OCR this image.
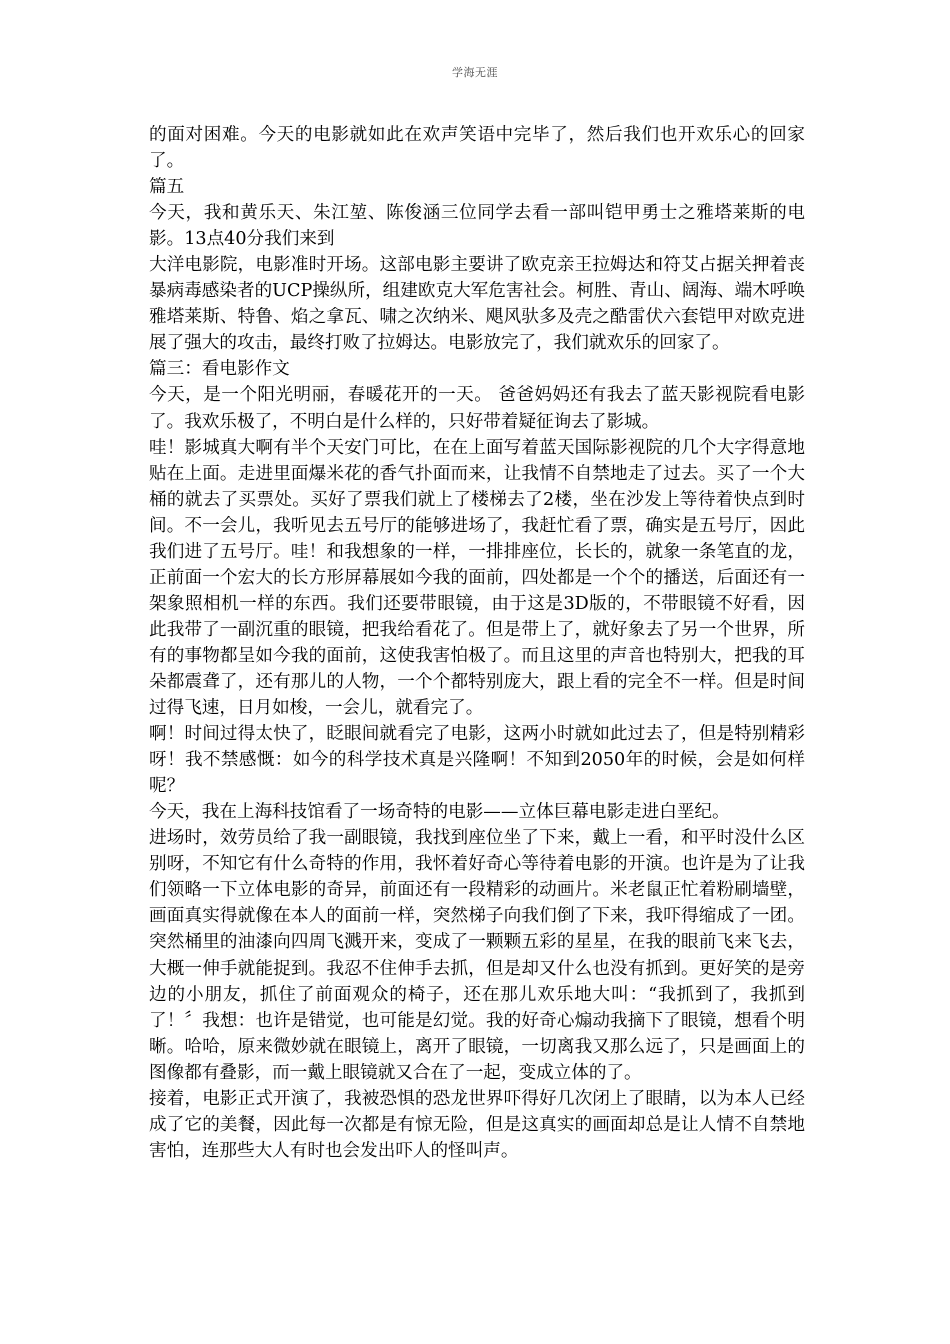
学海无涯

的面对困难。今天的电影就如此在欢声笑语中完毕了，然后我们也开欢乐心的回家了。

篇五

今天，我和黄乐天、朱江堃、陈俊涵三位同学去看一部叫铠甲勇士之雅塔莱斯的电影。13点40分我们来到

大洋电影院，电影准时开场。这部电影主要讲了欧克亲王拉姆达和符艾占据关押着丧暴病毒感染者的UCP操纵所，组建欧克大军危害社会。柯胜、青山、阔海、端木呼唤雅塔莱斯、特鲁、焰之拿瓦、啸之次纳米、飓风驮多及壳之酷雷伏六套铠甲对欧克进展了强大的攻击，最终打败了拉姆达。电影放完了，我们就欢乐的回家了。

篇三：看电影作文

今天，是一个阳光明丽，春暖花开的一天。 爸爸妈妈还有我去了蓝天影视院看电影了。我欢乐极了，不明白是什么样的，只好带着疑征询去了影城。

哇！影城真大啊有半个天安门可比，在在上面写着蓝天国际影视院的几个大字得意地贴在上面。走进里面爆米花的香气扑面而来，让我情不自禁地走了过去。买了一个大桶的就去了买票处。买好了票我们就上了楼梯去了2楼，坐在沙发上等待着快点到时间。不一会儿，我听见去五号厅的能够进场了，我赶忙看了票，确实是五号厅，因此我们进了五号厅。哇！和我想象的一样，一排排座位，长长的，就象一条笔直的龙，正前面一个宏大的长方形屏幕展如今我的面前，四处都是一个个的播送，后面还有一架象照相机一样的东西。我们还要带眼镜，由于这是3D版的，不带眼镜不好看，因此我带了一副沉重的眼镜，把我给看花了。但是带上了，就好象去了另一个世界，所有的事物都呈如今我的面前，这使我害怕极了。而且这里的声音也特别大，把我的耳朵都震聋了，还有那儿的人物，一个个都特别庞大，跟上看的完全不一样。但是时间过得飞速，日月如梭，一会儿，就看完了。

啊！时间过得太快了，眨眼间就看完了电影，这两小时就如此过去了，但是特别精彩呀！我不禁感慨：如今的科学技术真是兴隆啊！不知到2050年的时候，会是如何样呢？

今天，我在上海科技馆看了一场奇特的电影——立体巨幕电影走进白垩纪。

进场时，效劳员给了我一副眼镜，我找到座位坐了下来，戴上一看，和平时没什么区别呀，不知它有什么奇特的作用，我怀着好奇心等待着电影的开演。也许是为了让我们领略一下立体电影的奇异，前面还有一段精彩的动画片。米老鼠正忙着粉刷墙壁，画面真实得就像在本人的面前一样，突然梯子向我们倒了下来，我吓得缩成了一团。突然桶里的油漆向四周飞溅开来，变成了一颗颗五彩的星星，在我的眼前飞来飞去，大概一伸手就能捉到。我忍不住伸手去抓，但是却又什么也没有抓到。更好笑的是旁边的小朋友，抓住了前面观众的椅子，还在那儿欢乐地大叫：“我抓到了，我抓到了！〞我想：也许是错觉，也可能是幻觉。我的好奇心煽动我摘下了眼镜，想看个明晰。哈哈，原来微妙就在眼镜上，离开了眼镜，一切离我又那么远了，只是画面上的图像都有叠影，而一戴上眼镜就又合在了一起，变成立体的了。

接着，电影正式开演了，我被恐惧的恐龙世界吓得好几次闭上了眼睛，以为本人已经成了它的美餐，因此每一次都是有惊无险，但是这真实的画面却总是让人情不自禁地害怕，连那些大人有时也会发出吓人的怪叫声。
